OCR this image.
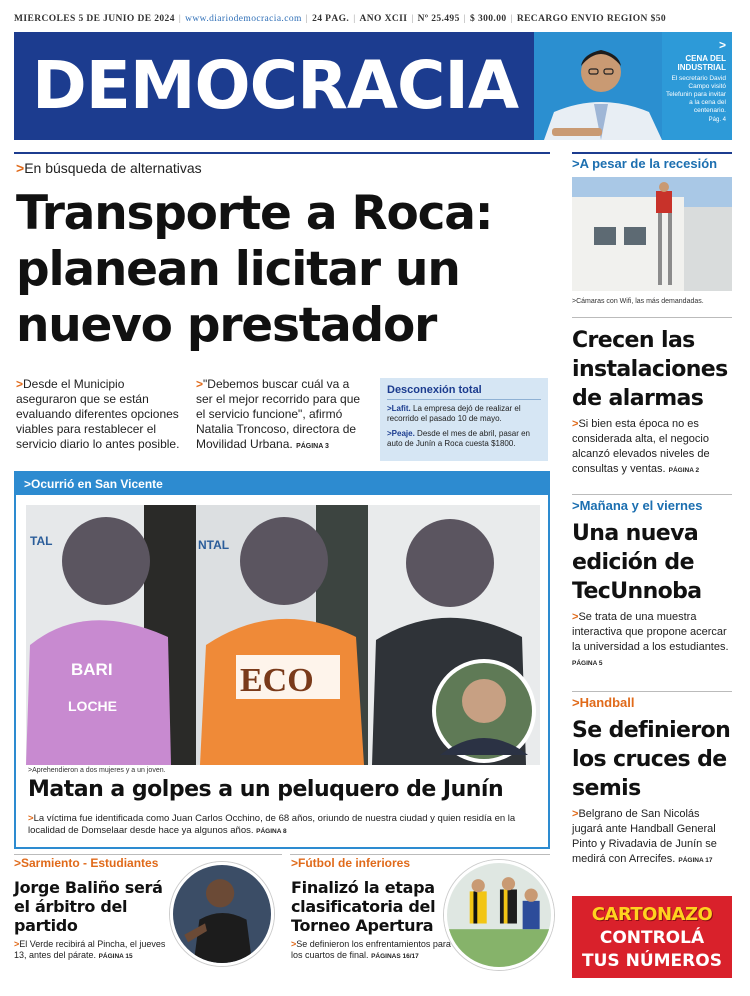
MIÉRCOLES 5 DE JUNIO DE 2024 | www.diariodemocracia.com | 24 PÁG. | AÑO XCII | Nº 25.495 | $ 300.00 | RECARGO ENVÍO REGIÓN $50
DEMOCRACIA
>
CENA DEL INDUSTRIAL
El secretario David Campo visitó Telefunin para invitar a la cena del centenario.
Pág. 4
>En búsqueda de alternativas
Transporte a Roca: planean licitar un nuevo prestador
>Desde el Municipio aseguraron que se están evaluando diferentes opciones viables para restablecer el servicio diario lo antes posible.
>"Debemos buscar cuál va a ser el mejor recorrido para que el servicio funcione", afirmó Natalia Troncoso, directora de Movilidad Urbana. PÁGINA 3
Desconexión total
>Lafit. La empresa dejó de realizar el recorrido el pasado 10 de mayo.
>Peaje. Desde el mes de abril, pasar en auto de Junín a Roca cuesta $1800.
>Ocurrió en San Vicente
TAL	NTAL
BARI
LOCHE
ECO
>Aprehendieron a dos mujeres y a un joven.
Matan a golpes a un peluquero de Junín
>La víctima fue identificada como Juan Carlos Occhino, de 68 años, oriundo de nuestra ciudad y quien residía en la localidad de Domselaar desde hace ya algunos años. PÁGINA 8
>Sarmiento - Estudiantes
Jorge Baliño será el árbitro del partido
>El Verde recibirá al Pincha, el jueves 13, antes del párate. PÁGINA 15
>Fútbol de inferiores
Finalizó la etapa clasificatoria del Torneo Apertura
>Se definieron los enfrentamientos para los cuartos de final. PÁGINAS 16/17
>A pesar de la recesión
>Cámaras con Wifi, las más demandadas.
Crecen las instalaciones de alarmas
>Si bien esta época no es considerada alta, el negocio alcanzó elevados niveles de consultas y ventas. PÁGINA 2
>Mañana y el viernes
Una nueva edición de TecUnnoba
>Se trata de una muestra interactiva que propone acercar la universidad a los estudiantes. PÁGINA 5
>Handball
Se definieron los cruces de semis
>Belgrano de San Nicolás jugará ante Handball General Pinto y Rivadavia de Junín se medirá con Arrecifes. PÁGINA 17
CARTONAZO
CONTROLÁ
TUS NÚMEROS
